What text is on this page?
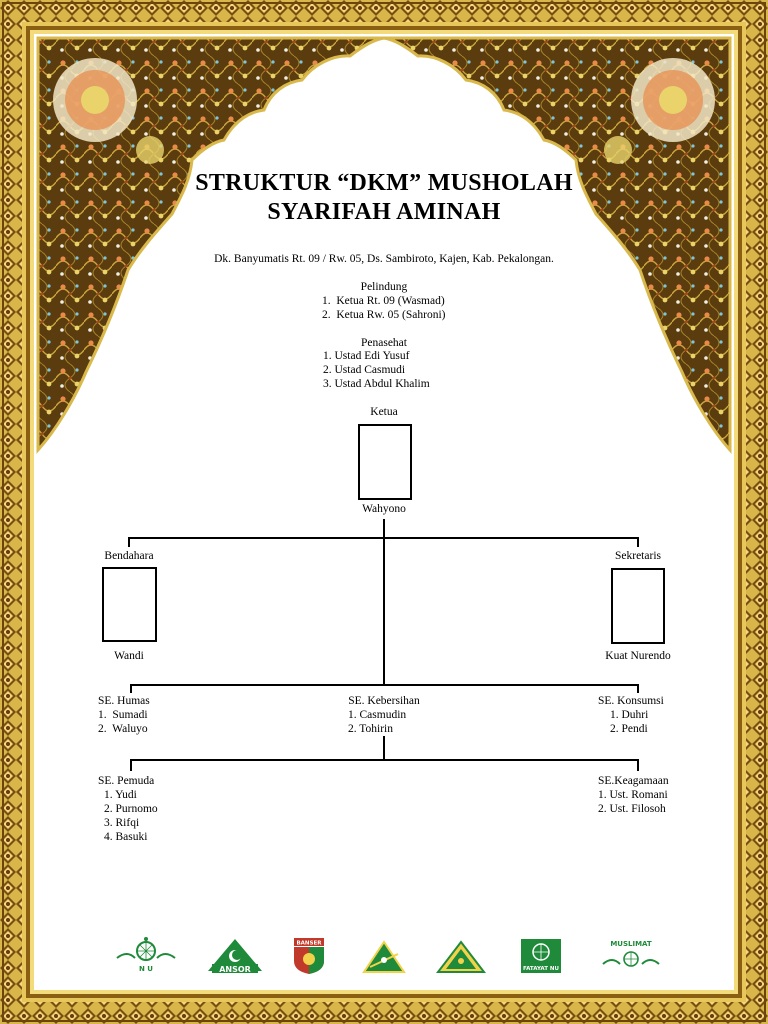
STRUKTUR “DKM” MUSHOLAH
SYARIFAH AMINAH
Dk. Banyumatis Rt. 09 / Rw. 05, Ds. Sambiroto, Kajen, Kab. Pekalongan.
Pelindung
1.  Ketua Rt. 09 (Wasmad)
2.  Ketua Rw. 05 (Sahroni)
Penasehat
1. Ustad Edi Yusuf
2. Ustad Casmudi
3. Ustad Abdul Khalim
Ketua
Wahyono
Bendahara
Wandi
Sekretaris
Kuat Nurendo
SE. Humas
1.  Sumadi
2.  Waluyo
SE. Kebersihan
1. Casmudin
2. Tohirin
SE. Konsumsi
1. Duhri
2. Pendi
SE. Pemuda
1. Yudi
2. Purnomo
3. Rifqi
4. Basuki
SE.Keagamaan
1. Ust. Romani
2. Ust. Filosoh
N U	ANSOR
BANSER
FATAYAT NU
MUSLIMAT
